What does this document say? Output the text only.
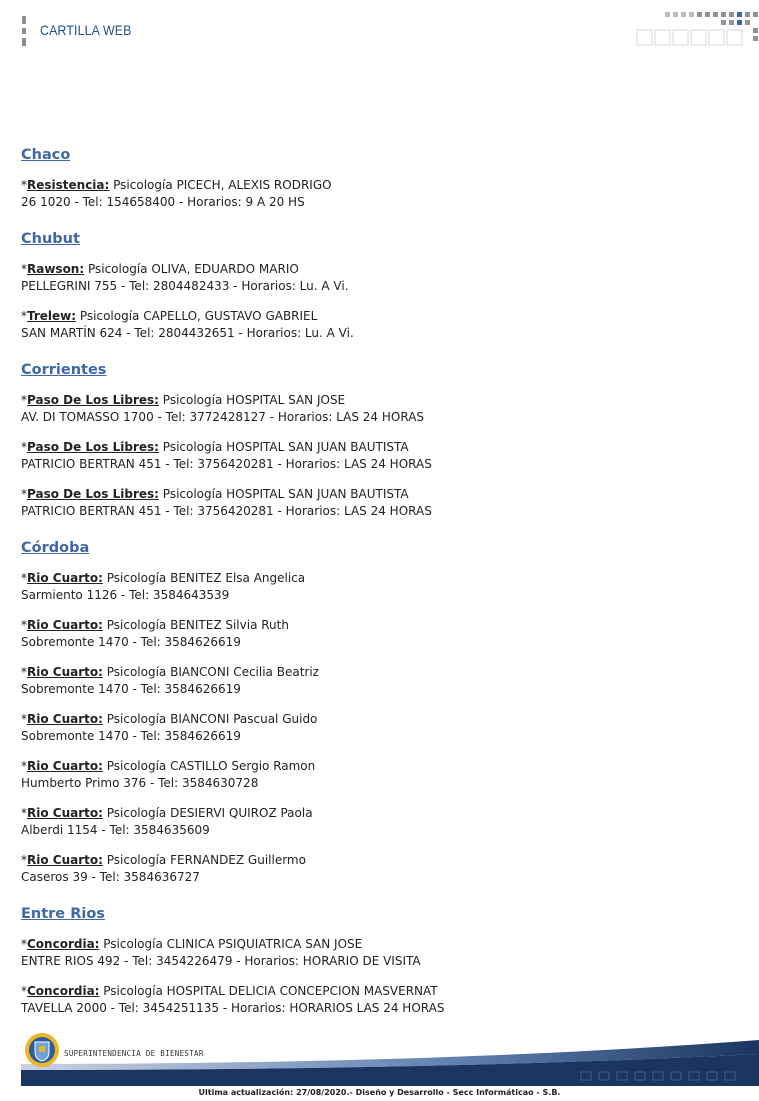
CARTILLA WEB
Chaco
*Resistencia: Psicología PICECH, ALEXIS RODRIGO
26 1020 - Tel: 154658400 - Horarios: 9 A 20 HS
Chubut
*Rawson: Psicología OLIVA, EDUARDO MARIO
PELLEGRINI 755 - Tel: 2804482433 - Horarios: Lu. A Vi.
*Trelew: Psicología CAPELLO, GUSTAVO GABRIEL
SAN MARTÍN 624 - Tel: 2804432651 - Horarios: Lu. A Vi.
Corrientes
*Paso De Los Libres: Psicología HOSPITAL SAN JOSE
AV. DI TOMASSO 1700 - Tel: 3772428127 - Horarios: LAS 24 HORAS
*Paso De Los Libres: Psicología HOSPITAL SAN JUAN BAUTISTA
PATRICIO BERTRAN 451 - Tel: 3756420281 - Horarios: LAS 24 HORAS
*Paso De Los Libres: Psicología HOSPITAL SAN JUAN BAUTISTA
PATRICIO BERTRAN 451 - Tel: 3756420281 - Horarios: LAS 24 HORAS
Córdoba
*Rio Cuarto: Psicología BENITEZ Elsa Angelica
Sarmiento 1126 - Tel: 3584643539
*Rio Cuarto: Psicología BENITEZ Silvia Ruth
Sobremonte 1470 - Tel: 3584626619
*Rio Cuarto: Psicología BIANCONI Cecilia Beatriz
Sobremonte 1470 - Tel: 3584626619
*Rio Cuarto: Psicología BIANCONI Pascual Guido
Sobremonte 1470 - Tel: 3584626619
*Rio Cuarto: Psicología CASTILLO Sergio Ramon
Humberto Primo 376 - Tel: 3584630728
*Rio Cuarto: Psicología DESIERVI QUIROZ Paola
Alberdi 1154 - Tel: 3584635609
*Rio Cuarto: Psicología FERNANDEZ Guillermo
Caseros 39 - Tel: 3584636727
Entre Rios
*Concordia: Psicología CLINICA PSIQUIATRICA SAN JOSE
ENTRE RIOS 492 - Tel: 3454226479 - Horarios: HORARIO DE VISITA
*Concordia: Psicología HOSPITAL DELICIA CONCEPCION MASVERNAT
TAVELLA 2000 - Tel: 3454251135 - Horarios: HORARIOS LAS 24 HORAS
SUPERINTENDENCIA DE BIENESTAR
Ultima actualización: 27/08/2020.- Diseño y Desarrollo - Secc Informáticao - S.B.
